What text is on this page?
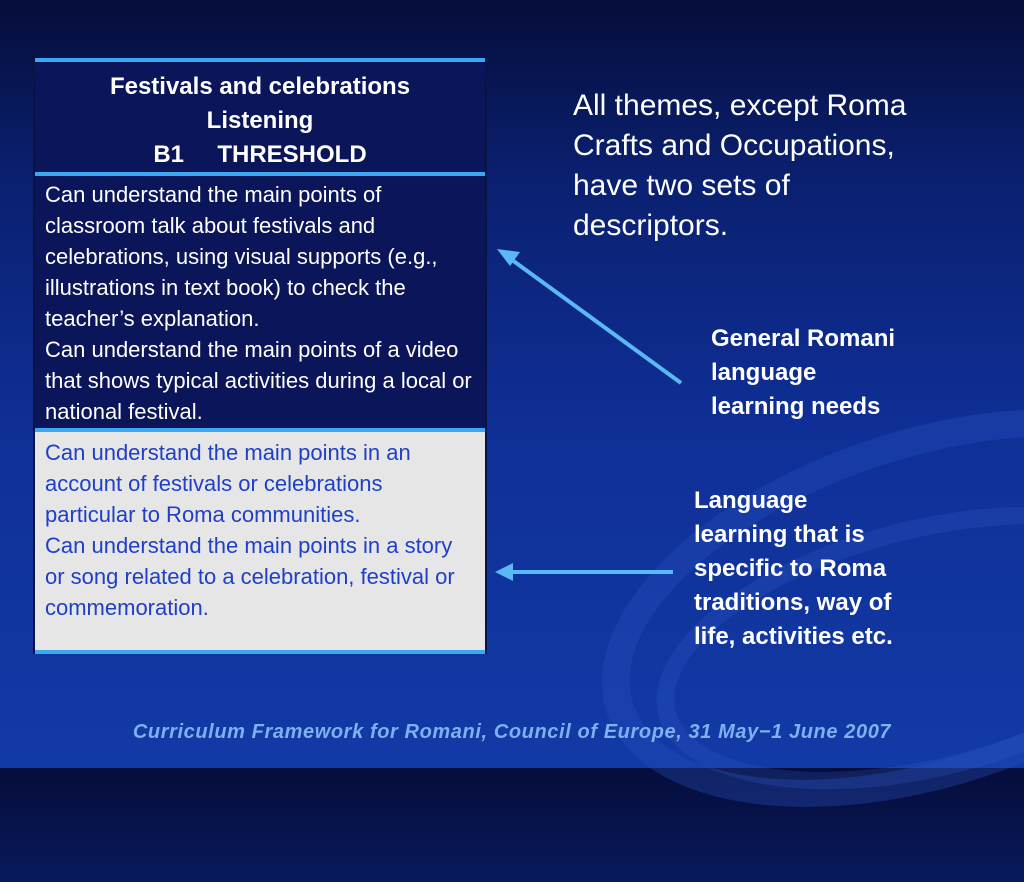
Festivals and celebrations
Listening
B1     THRESHOLD

Can understand the main points of classroom talk about festivals and celebrations, using visual supports (e.g., illustrations in text book) to check the teacher’s explanation.

Can understand the main points of a video that shows typical activities during a local or national festival.

Can understand the main points in an account of festivals or celebrations particular to Roma communities.

Can understand the main points in a story or song related to a celebration, festival or commemoration.

All themes, except Roma Crafts and Occupations, have two sets of descriptors.
General Romani
language
learning needs
Language
learning that is
specific to Roma
traditions, way of
life, activities etc.
Curriculum Framework for Romani, Council of Europe, 31 May−1 June 2007
